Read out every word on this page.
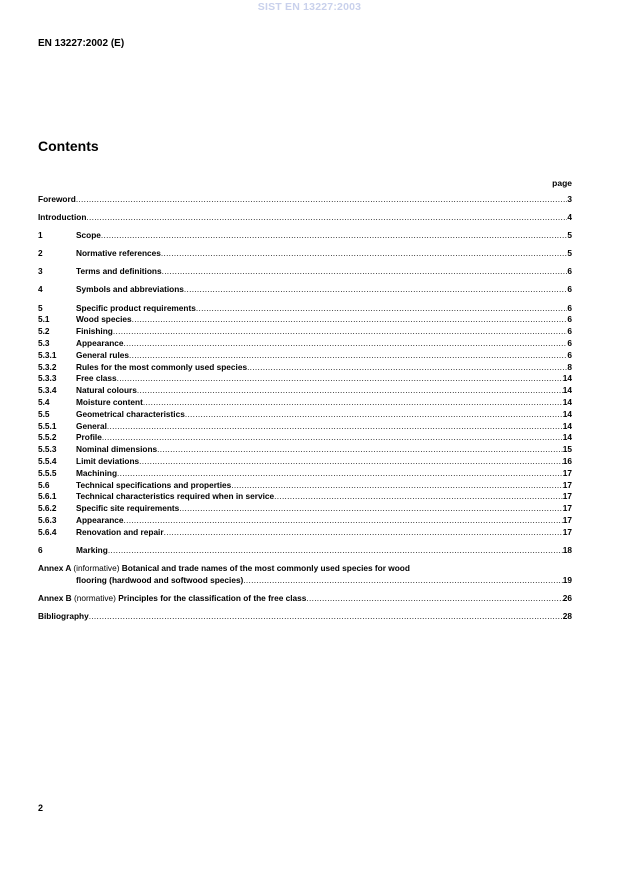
SIST EN 13227:2003
EN 13227:2002 (E)
Contents
page
Foreword .....	3
Introduction .....	4
1	Scope .....	5
2	Normative references .....	5
3	Terms and definitions .....	6
4	Symbols and abbreviations .....	6
5	Specific product requirements .....	6
5.1	Wood species .....	6
5.2	Finishing .....	6
5.3	Appearance .....	6
5.3.1	General rules .....	6
5.3.2	Rules for the most commonly used species .....	8
5.3.3	Free class .....	14
5.3.4	Natural colours .....	14
5.4	Moisture content .....	14
5.5	Geometrical characteristics .....	14
5.5.1	General .....	14
5.5.2	Profile .....	14
5.5.3	Nominal dimensions .....	15
5.5.4	Limit deviations .....	16
5.5.5	Machining .....	17
5.6	Technical specifications and properties .....	17
5.6.1	Technical characteristics required when in service .....	17
5.6.2	Specific site requirements .....	17
5.6.3	Appearance .....	17
5.6.4	Renovation and repair .....	17
6	Marking .....	18
Annex A (informative) Botanical and trade names of the most commonly used species for wood
flooring (hardwood and softwood species) .....	19
Annex B (normative) Principles for the classification of the free class .....	26
Bibliography .....	28
2
